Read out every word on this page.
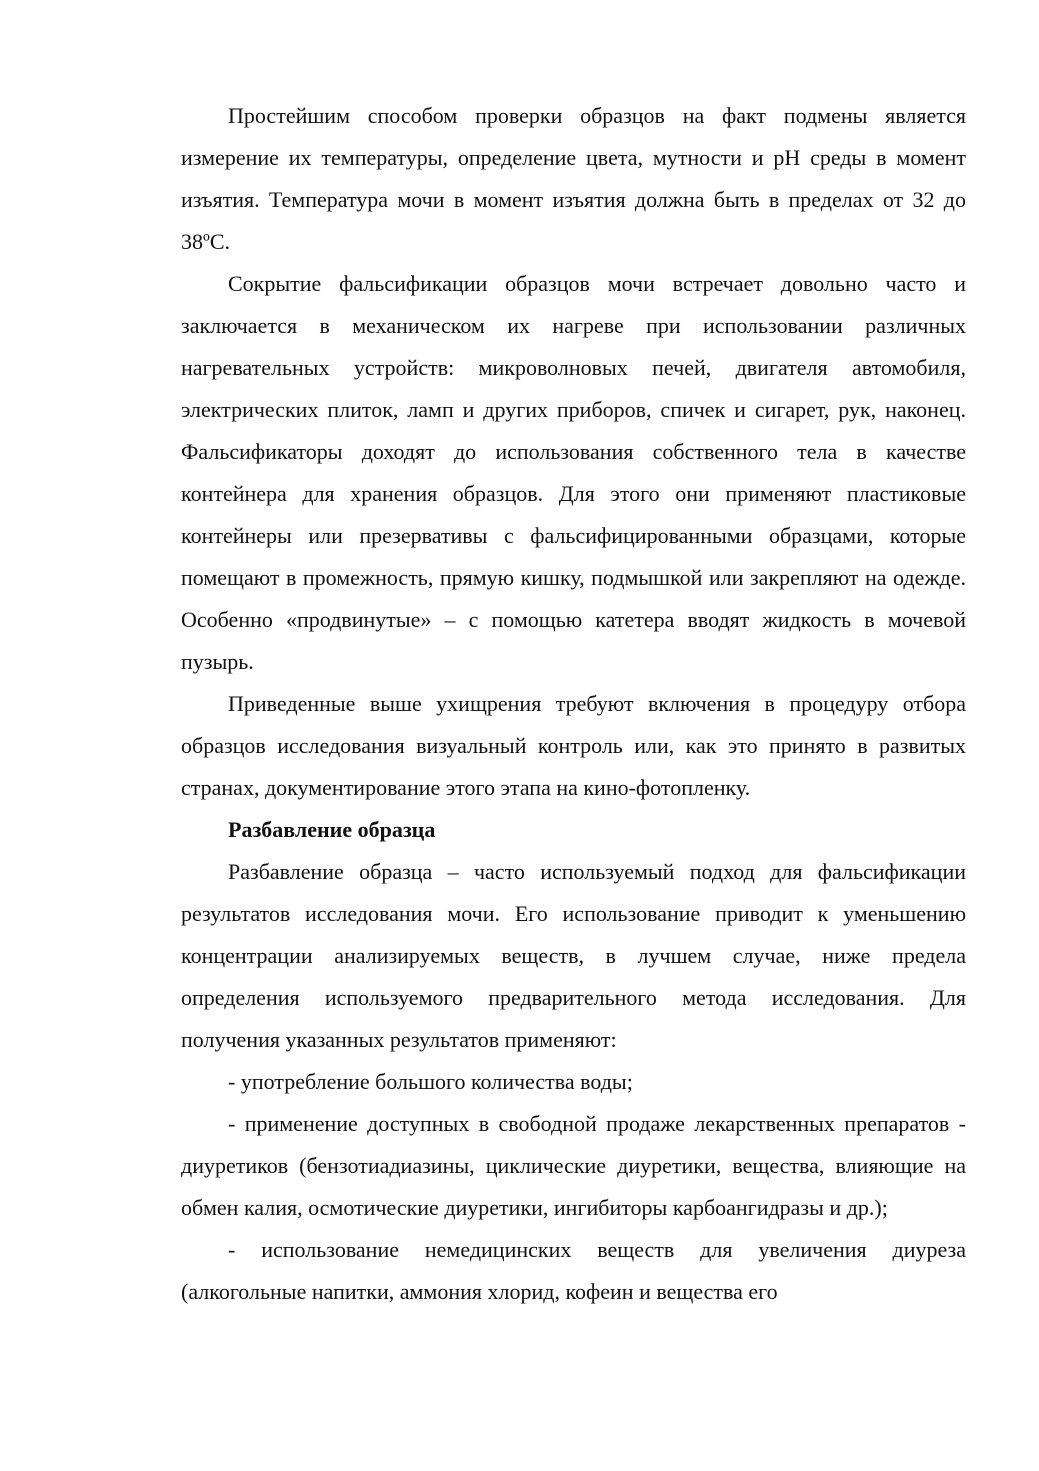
Простейшим способом проверки образцов на факт подмены является измерение их температуры, определение цвета, мутности и pH среды в момент изъятия. Температура мочи в момент изъятия должна быть в пределах от 32 до 38ºС.

Сокрытие фальсификации образцов мочи встречает довольно часто и заключается в механическом их нагреве при использовании различных нагревательных устройств: микроволновых печей, двигателя автомобиля, электрических плиток, ламп и других приборов, спичек и сигарет, рук, наконец. Фальсификаторы доходят до использования собственного тела в качестве контейнера для хранения образцов. Для этого они применяют пластиковые контейнеры или презервативы с фальсифицированными образцами, которые помещают в промежность, прямую кишку, подмышкой или закрепляют на одежде. Особенно «продвинутые» – с помощью катетера вводят жидкость в мочевой пузырь.

Приведенные выше ухищрения требуют включения в процедуру отбора образцов исследования визуальный контроль или, как это принято в развитых странах, документирование этого этапа на кино-фотопленку.

Разбавление образца

Разбавление образца – часто используемый подход для фальсификации результатов исследования мочи. Его использование приводит к уменьшению концентрации анализируемых веществ, в лучшем случае, ниже предела определения используемого предварительного метода исследования. Для получения указанных результатов применяют:

- употребление большого количества воды;

- применение доступных в свободной продаже лекарственных препаратов - диуретиков (бензотиадиазины, циклические диуретики, вещества, влияющие на обмен калия, осмотические диуретики, ингибиторы карбоангидразы и др.);

- использование немедицинских веществ для увеличения диуреза (алкогольные напитки, аммония хлорид, кофеин и вещества его
